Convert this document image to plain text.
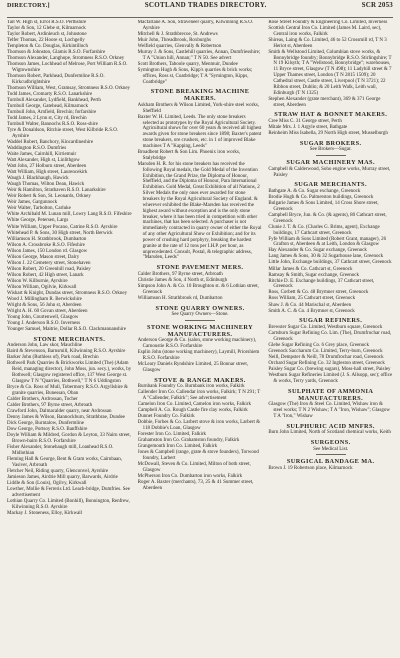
DIRECTORY.]	SCOTLAND TRADES DIRECTORY.	SCR 2053
Tait W. High st, Errol R.S.O. Perthshire
Taylor & Son, 12 Glebe st, Kilmarnock
Taylor Robert, Ardinleuch st, Johnstone
Telfer Thomas, 22 Hoore st, Lochgelly
Templeton & Co. Douglas, Kirkintilloch
Thomson & Johnston, Glamis R.S.O. Forfarshire
Thomson Alexander, Langhope, Stromness R.S.O. Orkney
Thomson James, Lochhead of Melrose, Port William R.S.O. Wigtownshire
Thomson Robert, Parkhead, Dunfermline R.S.O. Kirkcudbrightshire
Thomson William, West, Gramsay, Stromness R.S.O. Orkney
Todd James, Cromarty R.S.O. Lanarkshire
Turnbull Alexander, Lydfield, Bankhead, Perth
Turnbull George, Gatehead, Kilmarnock
Turnbull John, Arnfield, Brechin; forfarshire
Todd James, 2 Lynn st, City rd, Brechin
Turnbull Walter, Bannochs R.S.O. Ross-shire
Tyre & Donaldson, Ritchie street, West Kilbride R.S.O. Ayrshire
Waddel Robert, Banchory, Kincardineshire
Waddington R.S.O. Dumfries
Waite James, Cairnhill, Kirriemuir
Watt Alexander, High st, Linlithgow
Watt John, 27 Holburn street, Aberdeen
Watt William, High street, Laurencekirk
Waugh J. Blackhaugh, Hawick
Waugh Thomas, Wilton Dean, Hawick
Weir & Hamilton, Strathaven R.S.O. Lanarkshire
Weir Robert & Son, St. Leonards, Orkney
Weir James, Gargunnock
Weir Walter, Tarbolton, Carluke
White Archibald M. Lunan mill, Lowry Lang R.S.O. Fifeshire
White George, Petersen, Largs
White William, Upper Pocano, Catrine R.S.O. Ayrshire
Whitehead P. & Sons, 30 High street, North Berwick
Williamson H. Strathbrook, Dumbarton
Wilson A. Crossbroke R.S.O. Fifeshire
Wilson James, 150 London rd. Glasgow
Wilson George, Mason street, Dalry
Wilson J. 22 Cemetery street, Stonehaven
Wilson Robert, 20 Greenhill road, Paisley
Wilson Robert, 42 High street, Lanark
Wilson W. Kilburnie, Ayrshire
Wilson William, Ogilvie, Kirkwall
Wishart & Knight, Dundas street, Stromness R.S.O. Orkney
Wood J. Millingham R. Berwickshire
Wright & Sons, 56 John st, Aberdeen
Wright A. H. 60 Govan street, Aberdeen
Young John, Courtenwell, Glasgow
Young J. Anderson R.S.O. Inverness
Younger Samuel, Maitrie, Dollar R.S.O. Clackmannanshire
STONE MERCHANTS.
Anderson John, Law skor, Mauchline
Baird & Stevenson, Barnsmill, Kilwinning R.S.O. Ayrshire
Barker John (Ruthless of), Park road, Brechin
Bothwell Park Quarries & Brickworks Limited (The) (Adam Reid, managing director), John Moss, jun. secy.), works, by Bothwell; Glasgow registered office, 137 West George st. Glasgow T N "Quarries, Bothwell," T N 6 Uddingston
Bryce & Co. Ross of Mull, Tobermory R.S.O. Argyllshire & granite quarries, Bunessan, Oban
Calder Brothers, Ardrossan, Tocher
Calder Brothers, 97 Byrne street, Arbroath
Crawford John, Dalmacalder quarry, near Ardrossan
Denny James & Wilson, Bannockburn, Strathbrae, Dundee
Dick George, Burntalow, Dunfermline
Dow George, Portsoy R.S.O. Banffshire
Doyle William & Mildred, Gordon & Leyton, 33 Nairn street, Brown-bairn R.S.O. Forfarshire
Fisher Alexander, Stonehaugh mill, Loanhead R.S.O. Midlothian
Fleming Hall & George, Bent & Gram works, Cairnbaan, Vasiver, Arbroath
Fletcher Neil, Riding quarry, Glenconvel, Ayrshire
Jamieson James, Airdrie Mill quarry, Barwards, Airdrie
Liddle & Son (Louis), Ogilvy, Kirkwall
Lowther, Mollie & Ferreris Ltd. Leach-bridge, Dumfries. See advertisement
Lothian Quarry Co. Limited (Bonhill), Bonnington, Renfrew, Kilwinning R.S.O. Ayrshire
Mackay J. Stoneness, Elloy, Kirkwall
Macfarlane A. Son, Straveneer quarry, Kilwinning R.S.O. Ayrshire
Mitchell & J. Strathbrecoe, St. Andrews
Muir John, Threadbrook, Roxburghs
Welfield quarries, Glenvally & Robertson
Murray J. & Sons, Castlehill quarries, Annan, Dumfriesshire; T A "Union hill, Annan;" T N 50. See advert
Scott Brothers, Taboole quarry, Menmuir, Dundee
Symington Hugh & Sons, Kipp's quarries & brick works; offices, Ross st, Coatbridge; T A "Symington, Kipps, Coatbridge"
STONE BREAKING MACHINE MAKERS.
Askham Brothers & Wilson Limited, York-shire steel works, Sheffield
Baxter W. H. Limited, Leeds. The only stone breakers selected as prototypes by the Royal Agricultural Society. Agricultural shows for over 60 years & received all highest awards given for stone breakers since 1898; Baxter's patent stone breakers, ore crushers, etc. in 1 of improved Blake machines T A "Kapping, Leeds"
Broadbent Robert & Son Lim. Phoenix iron works, Stalybridge
Marsden H. R. for his stone breakers has received the following Royal medals, the Gold Medal of the Invention Exhibition, the Grand Prize, the Diploma of Honour, Sheffield, and the Diploma of Honour, Para International Exhibition. Gold Medal, Great Exhibition of all Nations, 2 Silver Medals the only ones ever awarded for stone breakers by the Royal Agricultural Society of England. & wherever exhibited the Blake-Marsden has received the highest award without exception and is the only stone breaker, where it has been tried in competition with other machines, that has been selected. A purchaser is not immediately contracted in quarry owner of either the Royal of any other Agricultural Show or Exhibition; and for its power of crushing hard porphyry, breaking the hardest granite at the rate of 12 tons per I.H.P. per hour, as unprecedented. Consult, Postal, & telegraphic address, "Marsden, Leeds"
STONE PAVEMENT MERS.
Calder Brothers, 97 Byrne street, Arbroath
Christie James & Son, 4 North st, Edinburgh
Simpson John A. & Co. 10 Broughton st. & 6 Lothian street, Greenock
Williamson H. Strathbrook rd, Dumbarton
STONE QUARRY OWNERS.
See Quarry Owners—Stone.
STONE WORKING MACHINERY MANUFACTURERS.
Anderson George & Co. (salon, stone working machinery), Carnoustie R.S.O. Forfarshire
Esplin John (stone working machinery), Laymill, Priorshiem R.S.O. Forfarshire
McLeary Daniels Ryndshire Limited, 25 Bonnar street, Glasgow
STOVE & RANGE MAKERS.
Burnbank Foundry Co. Burnbank iron works, Falkirk
Callender Iron Co. Callendar iron works, Falkirk; T N 291; T A "Callender, Falkirk"; See advertisement
Camelon Iron Co. Limited, Camelon iron works, Falkirk
Campbell A. Co. Rough Castle fire clay works, Falkirk
Dunnet Foundry Co. Falkirk
Dobbie, Forbes & Co. Larbert stove & iron works, Larbert & 118 Dobbie's Loan, Glasgow
Forester Iron Co. Limited, Falkirk
Grahamston Iron Co. Grahamston foundry, Falkirk
Grangemouth Iron Co. Limited, Falkirk
Jones & Campbell (range, grate & stove founders), Torwood foundry, Larbert
McDowall, Steven & Co. Limited, Milton of both street, Glasgow
McPherson Iron Co. Dumbarton iron works, Falkirk
Roger A. Baxter (merchants), 73, 25 & 41 Summer street, Aberdeen
Rose Street Foundry & Engineering Co. Limited, Inverness
Scottish Central Iron Co. Limited (James M. Laird, sec), Central iron works, Falkirk
Shireas, Laing & Co. Limited, 46 to 52 Crossmill rd, T N 3 Heriot st, Aberdeen
Smith & Wellstood Limited, Columbian stove works, & Bonnybridge foundry; Bonnybridge R.S.O. Stirlingshire; T N 19 Kilsyth; T A "Wellstood, Bonnybridge"; warehouses, 11 Bryce street, Glasgow (T N 498); 11 Ladyhill street & 7 Upper Thames street, London (T N 2815 1509); 20 Cathedral street, Castle street, Liverpool (T N 3721); 22 Ribbon street, Dublin; & 20 Leith Walk, Leith wall, Edinburgh (T N 1325)
Stephen Alexander (grate merchant), 369 & 371 George street, Aberdeen
STRAW HAT & BONNET MAKERS.
Cree Miss C. 31 George street, Perth
Mitale Mrs. J. 1 Argyle street, Bathgate
Reinheim Miss Isabella, 29 North High street, Musselburgh
SUGAR BROKERS.
See Brokers—Sugar.
SUGAR MACHINERY MAS.
Campbell & Calderwood, Soho engine works, Murray street, Paisley
SUGAR MERCHANTS.
Bathgate A. & Co. Sugar exchange, Greenock
Brodie Hugh & Co. Palmerston buildings, Greenock
Bulgarie James & Sons Limited, 14 Cross Shore street, Greenock
Campbell Bryce, Jun. & Co. (& agents), 80 Cathcart street, Greenock
Clunie J. T. & Co. (Charles G. Brims, agent), Exchange buildings, 17 Cathcart street, Greenock
Fyfe William & Sons Limited (Robert Grant, manager), 26 Grafton st, Aberdeen & at Leith, London & Glasgow
Hay Alexander & Co. Sugar exchange, Greenock
Lang James & Sons, 30 & 32 Sugarhouse lane, Greenock
Little John, Exchange buildings, 37 Cathcart street, Greenock
Millar James & Co. Cathcart st, Greenock
Ramsay & Smith, Sugar exchange, Greenock
Ritchie D. E. Exchange buildings, 37 Cathcart street, Greenock
Ross, Corbett & Co. 48 Brymner street, Greenock
Ross William, 25 Cathcart street, Greenock
Shaw J. & Co. 44 Marischal st, Aberdeen
Smith A. C. & Co. 4 Brymner st, Greenock
SUGAR REFINERS.
Brewster Sugar Co. Limited, Westburn square, Greenock
Cartsburn Sugar Refining Co. Lim. (The), Drumfrochar road, Greenock
Glebe Sugar Refining Co. 6 Grey place, Greenock
Greenock Saccharum Co. Limited, Terry-burn, Greenock
Neill, Dempster & Neill, 78 Drumfrochar road, Greenock
Orchard Sugar Refining Co. 32 Ingleston street, Greenock
Paisley Sugar Co. (brewing sugars), Moss-hall street, Paisley
Westburn Sugar Refineries Limited (J. S. Allsopp, sec); office & works, Terry yards, Greenock
SULPHATE OF AMMONIA MANUFACTURERS.
Glasgow (The) Iron & Steel Co. Limited, Wishaw iron & steel works; T N 2 Wishaw; T A "Iron, Wishaw"; Glasgow T A "Iron," Wishaw
SULPHURIC ACID MNFRS.
Burn John Limited, North of Scotland chemical works, Keith
SURGEONS.
See Medical List.
SURGICAL BANDAGE MA.
Brown J. 19 Robertson place, Kilmarnock
